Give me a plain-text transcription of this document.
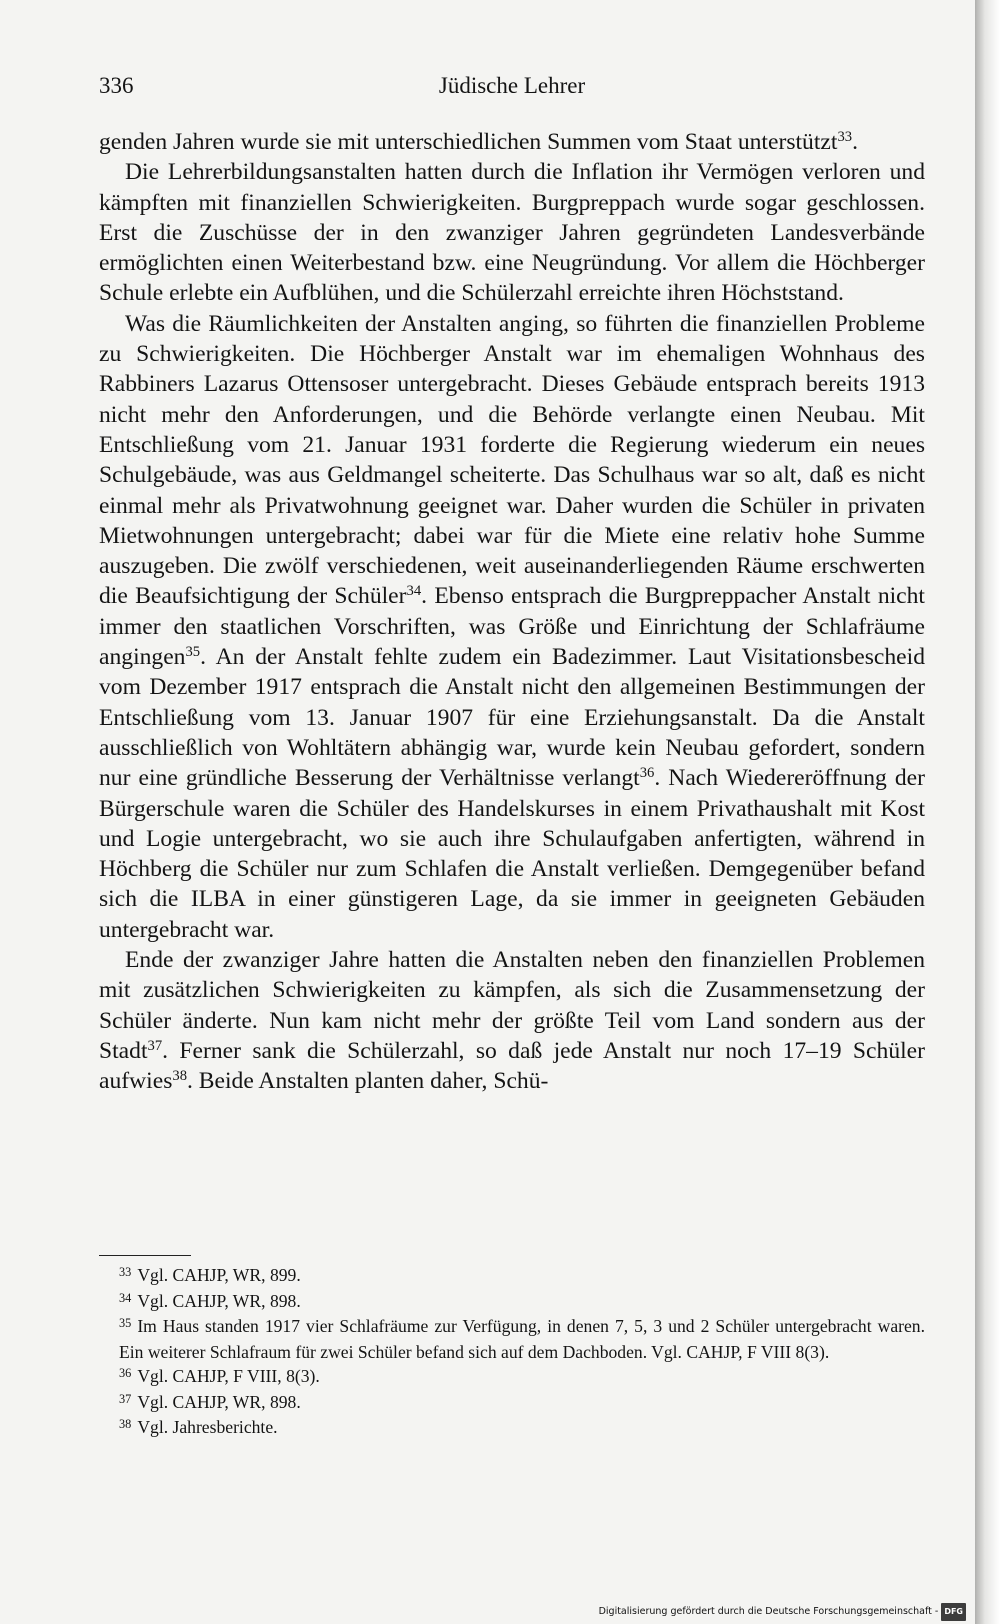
336	Jüdische Lehrer

genden Jahren wurde sie mit unterschiedlichen Summen vom Staat unterstützt$^{33}$.

Die Lehrerbildungsanstalten hatten durch die Inflation ihr Vermögen verloren und kämpften mit finanziellen Schwierigkeiten. Burgpreppach wurde sogar geschlossen. Erst die Zuschüsse der in den zwanziger Jahren gegründeten Landesverbände ermöglichten einen Weiterbestand bzw. eine Neugründung. Vor allem die Höchberger Schule erlebte ein Aufblühen, und die Schülerzahl erreichte ihren Höchststand.

Was die Räumlichkeiten der Anstalten anging, so führten die finanziellen Probleme zu Schwierigkeiten. Die Höchberger Anstalt war im ehemaligen Wohnhaus des Rabbiners Lazarus Ottensoser untergebracht. Dieses Gebäude entsprach bereits 1913 nicht mehr den Anforderungen, und die Behörde verlangte einen Neubau. Mit Entschließung vom 21. Januar 1931 forderte die Regierung wiederum ein neues Schulgebäude, was aus Geldmangel scheiterte. Das Schulhaus war so alt, daß es nicht einmal mehr als Privatwohnung geeignet war. Daher wurden die Schüler in privaten Mietwohnungen untergebracht; dabei war für die Miete eine relativ hohe Summe auszugeben. Die zwölf verschiedenen, weit auseinanderliegenden Räume erschwerten die Beaufsichtigung der Schüler$^{34}$. Ebenso entsprach die Burgpreppacher Anstalt nicht immer den staatlichen Vorschriften, was Größe und Einrichtung der Schlafräume angingen$^{35}$. An der Anstalt fehlte zudem ein Badezimmer. Laut Visitationsbescheid vom Dezember 1917 entsprach die Anstalt nicht den allgemeinen Bestimmungen der Entschließung vom 13. Januar 1907 für eine Erziehungsanstalt. Da die Anstalt ausschließlich von Wohltätern abhängig war, wurde kein Neubau gefordert, sondern nur eine gründliche Besserung der Verhältnisse verlangt$^{36}$. Nach Wiedereröffnung der Bürgerschule waren die Schüler des Handelskurses in einem Privathaushalt mit Kost und Logie untergebracht, wo sie auch ihre Schulaufgaben anfertigten, während in Höchberg die Schüler nur zum Schlafen die Anstalt verließen. Demgegenüber befand sich die ILBA in einer günstigeren Lage, da sie immer in geeigneten Gebäuden untergebracht war.

Ende der zwanziger Jahre hatten die Anstalten neben den finanziellen Problemen mit zusätzlichen Schwierigkeiten zu kämpfen, als sich die Zusammensetzung der Schüler änderte. Nun kam nicht mehr der größte Teil vom Land sondern aus der Stadt$^{37}$. Ferner sank die Schülerzahl, so daß jede Anstalt nur noch 17–19 Schüler aufwies$^{38}$. Beide Anstalten planten daher, Schü-

$^{33}$ Vgl. CAHJP, WR, 899.

$^{34}$ Vgl. CAHJP, WR, 898.

$^{35}$ Im Haus standen 1917 vier Schlafräume zur Verfügung, in denen 7, 5, 3 und 2 Schüler untergebracht waren. Ein weiterer Schlafraum für zwei Schüler befand sich auf dem Dachboden. Vgl. CAHJP, F VIII 8(3).

$^{36}$ Vgl. CAHJP, F VIII, 8(3).

$^{37}$ Vgl. CAHJP, WR, 898.

$^{38}$ Vgl. Jahresberichte.

Digitalisierung gefördert durch die Deutsche Forschungsgemeinschaft - DFG
